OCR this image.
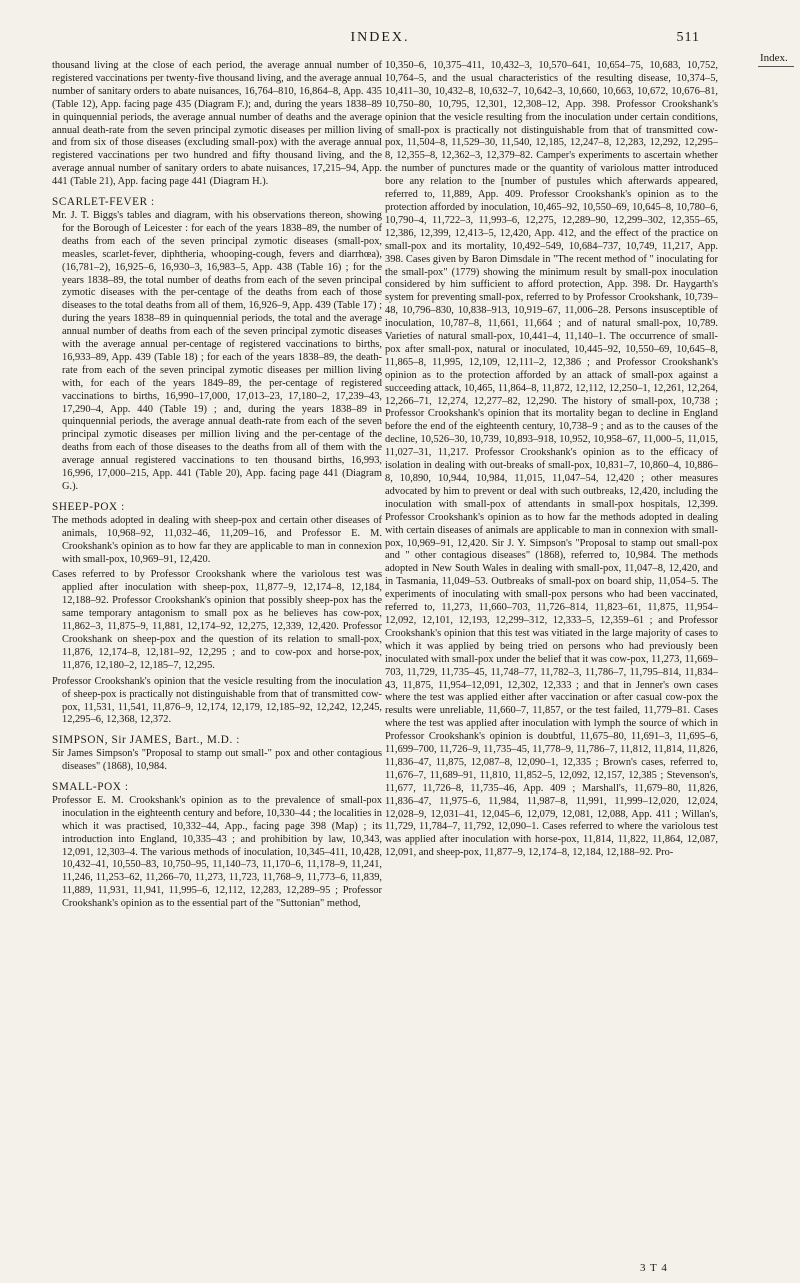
INDEX.	511
Index.

thousand living at the close of each period, the average annual number of registered vaccinations per twenty-five thousand living, and the average annual number of sanitary orders to abate nuisances, 16,764–810, 16,864–8, App. 435 (Table 12), App. facing page 435 (Diagram F.); and, during the years 1838–89 in quinquennial periods, the average annual number of deaths and the average annual death-rate from the seven principal zymotic diseases per million living and from six of those diseases (excluding small-pox) with the average annual registered vaccinations per two hundred and fifty thousand living, and the average annual number of sanitary orders to abate nuisances, 17,215–94, App. 441 (Table 21), App. facing page 441 (Diagram H.).

SCARLET-FEVER :

Mr. J. T. Biggs's tables and diagram, with his observations thereon, showing for the Borough of Leicester : for each of the years 1838–89, the number of deaths from each of the seven principal zymotic diseases (small-pox, measles, scarlet-fever, diphtheria, whooping-cough, fevers and diarrhœa), (16,781–2), 16,925–6, 16,930–3, 16,983–5, App. 438 (Table 16) ; for the years 1838–89, the total number of deaths from each of the seven principal zymotic diseases with the per-centage of the deaths from each of those diseases to the total deaths from all of them, 16,926–9, App. 439 (Table 17) ; during the years 1838–89 in quinquennial periods, the total and the average annual number of deaths from each of the seven principal zymotic diseases with the average annual per-centage of registered vaccinations to births, 16,933–89, App. 439 (Table 18) ; for each of the years 1838–89, the death-rate from each of the seven principal zymotic diseases per million living with, for each of the years 1849–89, the per-centage of registered vaccinations to births, 16,990–17,000, 17,013–23, 17,180–2, 17,239–43, 17,290–4, App. 440 (Table 19) ; and, during the years 1838–89 in quinquennial periods, the average annual death-rate from each of the seven principal zymotic diseases per million living and the per-centage of the deaths from each of those diseases to the deaths from all of them with the average annual registered vaccinations to ten thousand births, 16,993, 16,996, 17,000–215, App. 441 (Table 20), App. facing page 441 (Diagram G.).

SHEEP-POX :

The methods adopted in dealing with sheep-pox and certain other diseases of animals, 10,968–92, 11,032–46, 11,209–16, and Professor E. M. Crookshank's opinion as to how far they are applicable to man in connexion with small-pox, 10,969–91, 12,420.

Cases referred to by Professor Crookshank where the variolous test was applied after inoculation with sheep-pox, 11,877–9, 12,174–8, 12,184, 12,188–92. Professor Crookshank's opinion that possibly sheep-pox has the same temporary antagonism to small pox as he believes has cow-pox, 11,862–3, 11,875–9, 11,881, 12,174–92, 12,275, 12,339, 12,420. Professor Crookshank on sheep-pox and the question of its relation to small-pox, 11,876, 12,174–8, 12,181–92, 12,295 ; and to cow-pox and horse-pox, 11,876, 12,180–2, 12,185–7, 12,295.

Professor Crookshank's opinion that the vesicle resulting from the inoculation of sheep-pox is practically not distinguishable from that of transmitted cow-pox, 11,531, 11,541, 11,876–9, 12,174, 12,179, 12,185–92, 12,242, 12,245, 12,295–6, 12,368, 12,372.

SIMPSON, Sir JAMES, Bart., M.D. :

Sir James Simpson's "Proposal to stamp out small-" pox and other contagious diseases" (1868), 10,984.

SMALL-POX :

Professor E. M. Crookshank's opinion as to the prevalence of small-pox inoculation in the eighteenth century and before, 10,330–44 ; the localities in which it was practised, 10,332–44, App., facing page 398 (Map) ; its introduction into England, 10,335–43 ; and prohibition by law, 10,343, 12,091, 12,303–4. The various methods of inoculation, 10,345–411, 10,428, 10,432–41, 10,550–83, 10,750–95, 11,140–73, 11,170–6, 11,178–9, 11,241, 11,246, 11,253–62, 11,266–70, 11,273, 11,723, 11,768–9, 11,773–6, 11,839, 11,889, 11,931, 11,941, 11,995–6, 12,112, 12,283, 12,289–95 ; Professor Crookshank's opinion as to the essential part of the "Suttonian" method,

10,350–6, 10,375–411, 10,432–3, 10,570–641, 10,654–75, 10,683, 10,752, 10,764–5, and the usual characteristics of the resulting disease, 10,374–5, 10,411–30, 10,432–8, 10,632–7, 10,642–3, 10,660, 10,663, 10,672, 10,676–81, 10,750–80, 10,795, 12,301, 12,308–12, App. 398. Professor Crookshank's opinion that the vesicle resulting from the inoculation under certain conditions, of small-pox is practically not distinguishable from that of transmitted cow-pox, 11,504–8, 11,529–30, 11,540, 12,185, 12,247–8, 12,283, 12,292, 12,295–8, 12,355–8, 12,362–3, 12,379–82. Camper's experiments to ascertain whether the number of punctures made or the quantity of variolous matter introduced bore any relation to the [number of pustules which afterwards appeared, referred to, 11,889, App. 409. Professor Crookshank's opinion as to the protection afforded by inoculation, 10,465–92, 10,550–69, 10,645–8, 10,780–6, 10,790–4, 11,722–3, 11,993–6, 12,275, 12,289–90, 12,299–302, 12,355–65, 12,386, 12,399, 12,413–5, 12,420, App. 412, and the effect of the practice on small-pox and its mortality, 10,492–549, 10,684–737, 10,749, 11,217, App. 398. Cases given by Baron Dimsdale in "The recent method of " inoculating for the small-pox" (1779) showing the minimum result by small-pox inoculation considered by him sufficient to afford protection, App. 398. Dr. Haygarth's system for preventing small-pox, referred to by Professor Crookshank, 10,739–48, 10,796–830, 10,838–913, 10,919–67, 11,006–28. Persons insusceptible of inoculation, 10,787–8, 11,661, 11,664 ; and of natural small-pox, 10,789. Varieties of natural small-pox, 10,441–4, 11,140–1. The occurrence of small-pox after small-pox, natural or inoculated, 10,445–92, 10,550–69, 10,645–8, 11,865–8, 11,995, 12,109, 12,111–2, 12,386 ; and Professor Crookshank's opinion as to the protection afforded by an attack of small-pox against a succeeding attack, 10,465, 11,864–8, 11,872, 12,112, 12,250–1, 12,261, 12,264, 12,266–71, 12,274, 12,277–82, 12,290. The history of small-pox, 10,738 ; Professor Crookshank's opinion that its mortality began to decline in England before the end of the eighteenth century, 10,738–9 ; and as to the causes of the decline, 10,526–30, 10,739, 10,893–918, 10,952, 10,958–67, 11,000–5, 11,015, 11,027–31, 11,217. Professor Crookshank's opinion as to the efficacy of isolation in dealing with out-breaks of small-pox, 10,831–7, 10,860–4, 10,886–8, 10,890, 10,944, 10,984, 11,015, 11,047–54, 12,420 ; other measures advocated by him to prevent or deal with such outbreaks, 12,420, including the inoculation with small-pox of attendants in small-pox hospitals, 12,399. Professor Crookshank's opinion as to how far the methods adopted in dealing with certain diseases of animals are applicable to man in connexion with small-pox, 10,969–91, 12,420. Sir J. Y. Simpson's "Proposal to stamp out small-pox and " other contagious diseases" (1868), referred to, 10,984. The methods adopted in New South Wales in dealing with small-pox, 11,047–8, 12,420, and in Tasmania, 11,049–53. Outbreaks of small-pox on board ship, 11,054–5. The experiments of inoculating with small-pox persons who had been vaccinated, referred to, 11,273, 11,660–703, 11,726–814, 11,823–61, 11,875, 11,954–12,092, 12,101, 12,193, 12,299–312, 12,333–5, 12,359–61 ; and Professor Crookshank's opinion that this test was vitiated in the large majority of cases to which it was applied by being tried on persons who had previously been inoculated with small-pox under the belief that it was cow-pox, 11,273, 11,669–703, 11,729, 11,735–45, 11,748–77, 11,782–3, 11,786–7, 11,795–814, 11,834–43, 11,875, 11,954–12,091, 12,302, 12,333 ; and that in Jenner's own cases where the test was applied either after vaccination or after casual cow-pox the results were unreliable, 11,660–7, 11,857, or the test failed, 11,779–81. Cases where the test was applied after inoculation with lymph the source of which in Professor Crookshank's opinion is doubtful, 11,675–80, 11,691–3, 11,695–6, 11,699–700, 11,726–9, 11,735–45, 11,778–9, 11,786–7, 11,812, 11,814, 11,826, 11,836–47, 11,875, 12,087–8, 12,090–1, 12,335 ; Brown's cases, referred to, 11,676–7, 11,689–91, 11,810, 11,852–5, 12,092, 12,157, 12,385 ; Stevenson's, 11,677, 11,726–8, 11,735–46, App. 409 ; Marshall's, 11,679–80, 11,826, 11,836–47, 11,975–6, 11,984, 11,987–8, 11,991, 11,999–12,020, 12,024, 12,028–9, 12,031–41, 12,045–6, 12,079, 12,081, 12,088, App. 411 ; Willan's, 11,729, 11,784–7, 11,792, 12,090–1. Cases referred to where the variolous test was applied after inoculation with horse-pox, 11,814, 11,822, 11,864, 12,087, 12,091, and sheep-pox, 11,877–9, 12,174–8, 12,184, 12,188–92. Pro-

3 T 4
